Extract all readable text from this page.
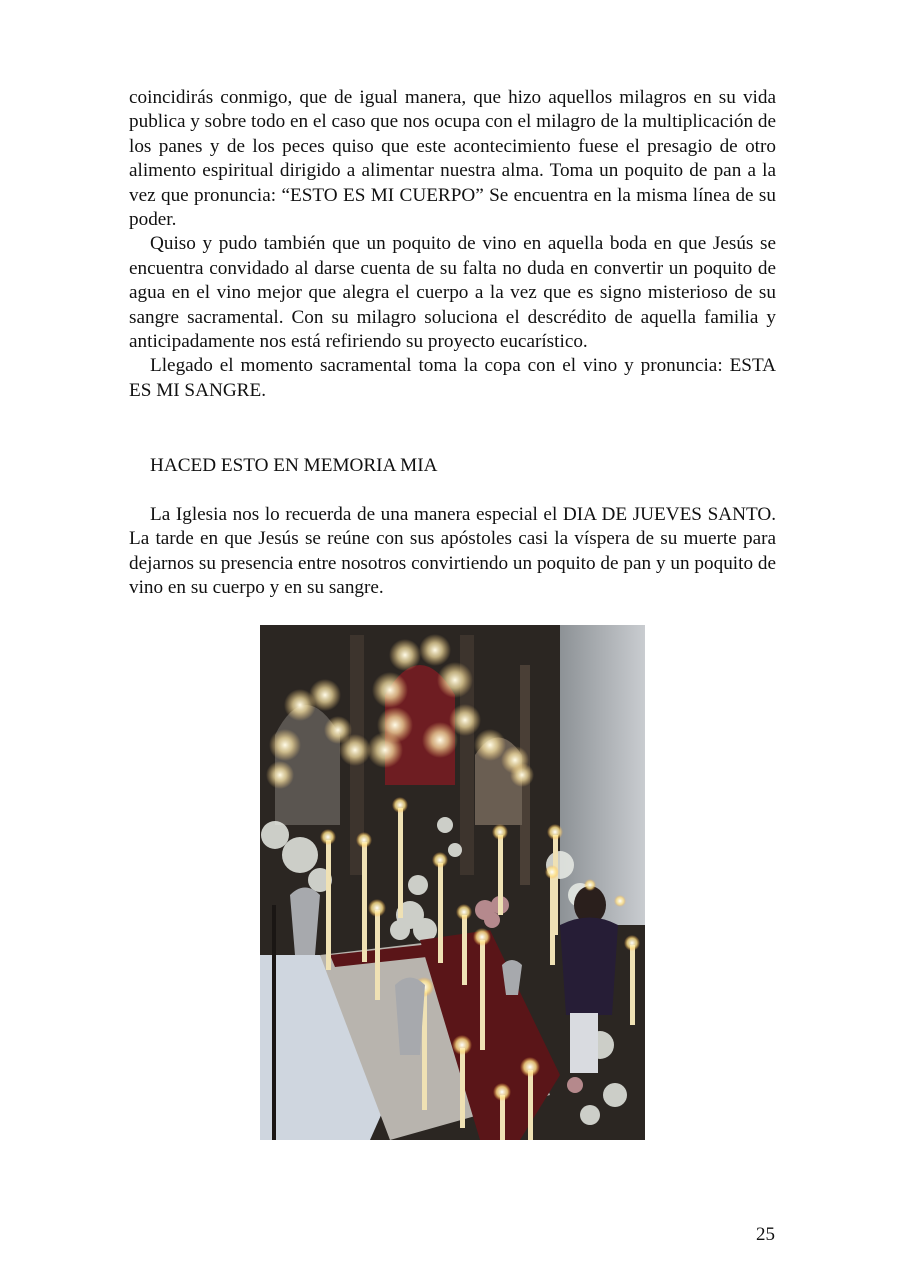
coincidirás conmigo, que de igual manera, que hizo aquellos milagros en su vida publica y sobre todo en el caso que nos ocupa con el milagro de la multiplicación de los panes y de los peces quiso que este acontecimiento fuese el presagio de otro alimento espiritual dirigido a alimentar nuestra alma. Toma un poquito de pan a la vez que pronuncia: “ESTO ES MI CUERPO” Se encuentra en la misma línea de su poder.

Quiso y pudo también que un poquito de vino en aquella boda en que Jesús se encuentra convidado al darse cuenta de su falta no duda en convertir un poquito de agua en el vino mejor que alegra el cuerpo a la vez que es signo misterioso de su sangre sacramental. Con su milagro soluciona el descrédito de aquella familia y anticipadamente nos está refiriendo su proyecto eucarístico.

Llegado el momento sacramental toma la copa con el vino y pronuncia: ESTA ES MI SANGRE.

HACED ESTO EN MEMORIA MIA

La Iglesia nos lo recuerda de una manera especial el DIA DE JUEVES SANTO. La tarde en que Jesús se reúne con sus apóstoles casi la víspera de su muerte para dejarnos su presencia entre nosotros convirtiendo un poquito de pan y un poquito de vino en su cuerpo y en su sangre.

25
